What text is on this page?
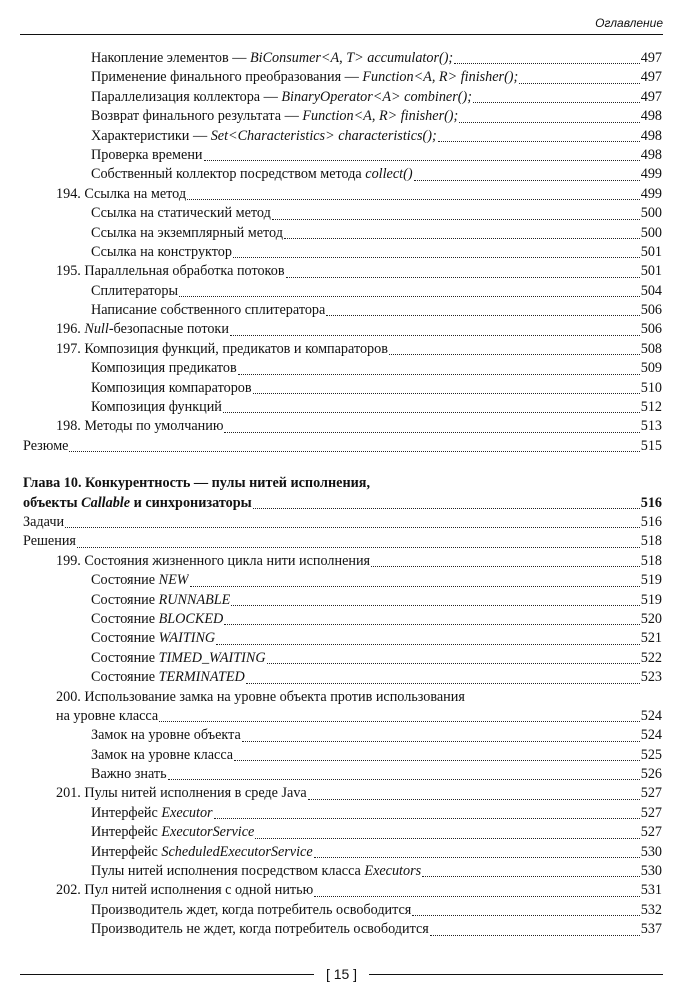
Оглавление
Накопление элементов — BiConsumer<A, T> accumulator();	497
Применение финального преобразования — Function<A, R> finisher();	497
Параллелизация коллектора — BinaryOperator<A> combiner();	497
Возврат финального результата — Function<A, R> finisher();	498
Характеристики — Set<Characteristics> characteristics();	498
Проверка времени	498
Собственный коллектор посредством метода collect()	499
194. Ссылка на метод	499
Ссылка на статический метод	500
Ссылка на экземплярный метод	500
Ссылка на конструктор	501
195. Параллельная обработка потоков	501
Сплитераторы	504
Написание собственного сплитератора	506
196. Null-безопасные потоки	506
197. Композиция функций, предикатов и компараторов	508
Композиция предикатов	509
Композиция компараторов	510
Композиция функций	512
198. Методы по умолчанию	513
Резюме	515
Глава 10. Конкурентность — пулы нитей исполнения,
объекты Callable и синхронизаторы	516
Задачи	516
Решения	518
199. Состояния жизненного цикла нити исполнения	518
Состояние NEW	519
Состояние RUNNABLE	519
Состояние BLOCKED	520
Состояние WAITING	521
Состояние TIMED_WAITING	522
Состояние TERMINATED	523
200. Использование замка на уровне объекта против использования
на уровне класса	524
Замок на уровне объекта	524
Замок на уровне класса	525
Важно знать	526
201. Пулы нитей исполнения в среде Java	527
Интерфейс Executor	527
Интерфейс ExecutorService	527
Интерфейс ScheduledExecutorService	530
Пулы нитей исполнения посредством класса Executors	530
202. Пул нитей исполнения с одной нитью	531
Производитель ждет, когда потребитель освободится	532
Производитель не ждет, когда потребитель освободится	537
[ 15 ]
